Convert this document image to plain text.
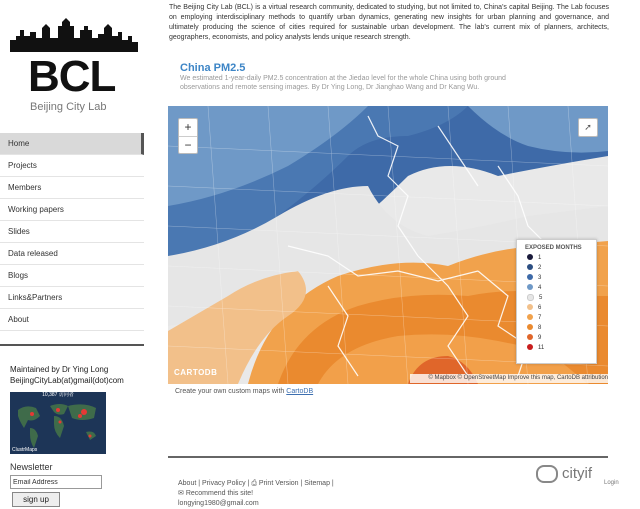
BCL
Beijing City Lab
Home
Projects
Members
Working papers
Slides
Data released
Blogs
Links&Partners
About
Maintained by Dr Ying Long
BeijingCityLab(at)gmail(dot)com
10,387 访问者
ClustrMaps
Newsletter
Email Address
sign up
The Beijing City Lab (BCL) is a virtual research community, dedicated to studying, but not limited to, China's capital Beijing. The Lab focuses on employing interdisciplinary methods to quantify urban dynamics, generating new insights for urban planning and governance, and ultimately producing the science of cities required for sustainable urban development. The lab's current mix of planners, architects, geographers, economists, and policy analysts lends unique research strength.
China PM2.5
We estimated 1-year-daily PM2.5 concentration at the Jiedao level for the whole China using both ground observations and remote sensing images. By Dr Ying Long, Dr Jianghao Wang and Dr Kang Wu.
+
−
➚
EXPOSED MONTHS
1
2
3
4
5
6
7
8
9
11
CARTODB
© Mapbox © OpenStreetMap Improve this map, CartoDB attribution
Create your own custom maps with CartoDB
About | Privacy Policy | ⎙ Print Version | Sitemap |
✉ Recommend this site!
longying1980@gmail.com
cityif
Login
